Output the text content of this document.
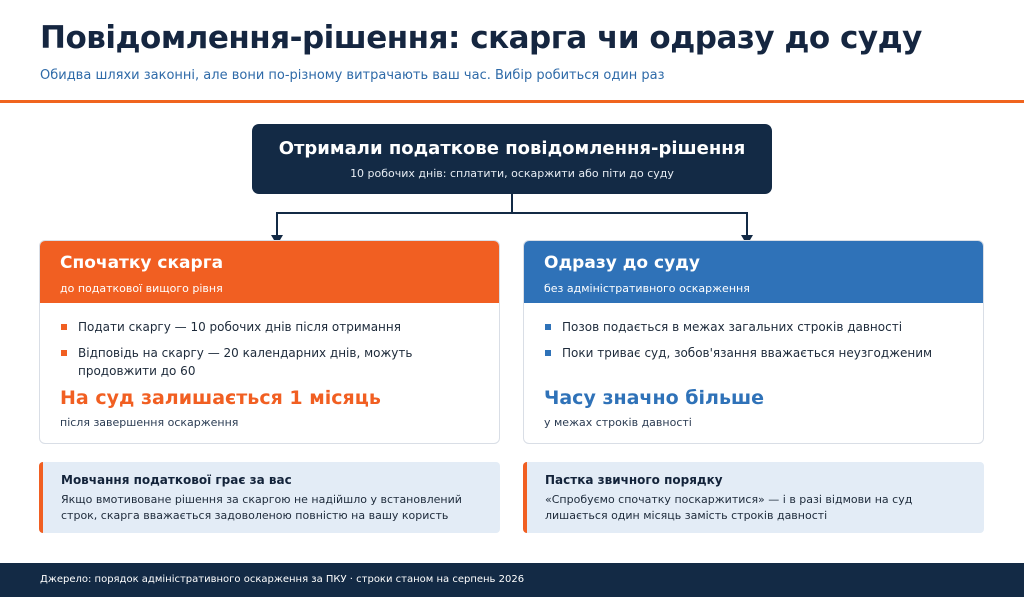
Повідомлення-рішення: скарга чи одразу до суду
Обидва шляхи законні, але вони по-різному витрачають ваш час. Вибір робиться один раз
Отримали податкове повідомлення-рішення
10 робочих днів: сплатити, оскаржити або піти до суду
Спочатку скарга
до податкової вищого рівня
Подати скаргу — 10 робочих днів після отримання
Відповідь на скаргу — 20 календарних днів, можуть продовжити до 60
На суд залишається 1 місяць
після завершення оскарження
Одразу до суду
без адміністративного оскарження
Позов подається в межах загальних строків давності
Поки триває суд, зобов'язання вважається неузгодженим
Часу значно більше
у межах строків давності
Мовчання податкової грає за вас
Якщо вмотивоване рішення за скаргою не надійшло у встановлений строк, скарга вважається задоволеною повністю на вашу користь
Пастка звичного порядку
«Спробуємо спочатку поскаржитися» — і в разі відмови на суд лишається один місяць замість строків давності
Джерело: порядок адміністративного оскарження за ПКУ · строки станом на серпень 2026
